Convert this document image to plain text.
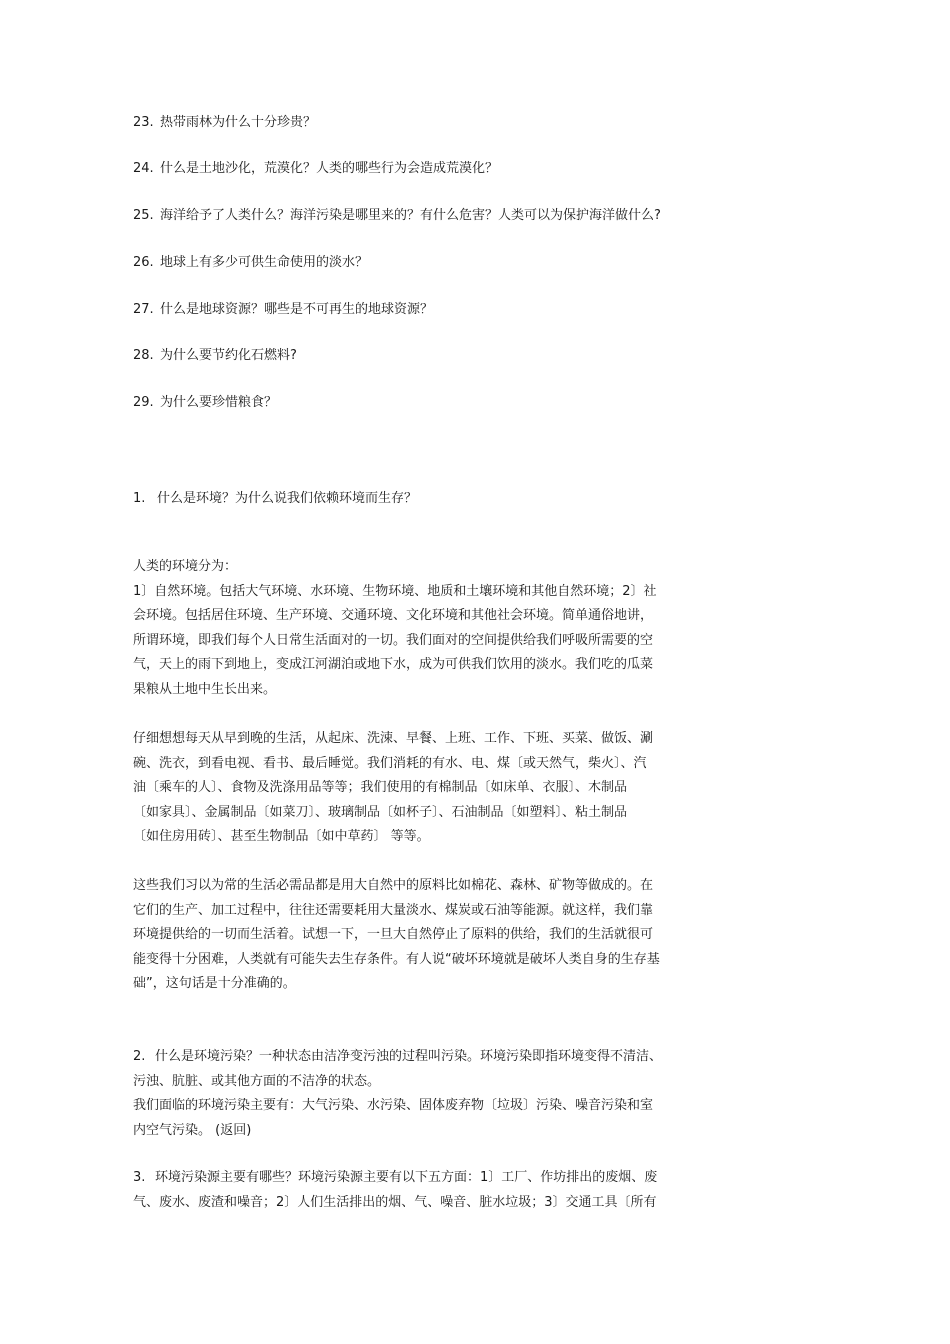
23. 热带雨林为什么十分珍贵？
24. 什么是土地沙化，荒漠化？人类的哪些行为会造成荒漠化？
25. 海洋给予了人类什么？海洋污染是哪里来的？有什么危害？人类可以为保护海洋做什么?
26. 地球上有多少可供生命使用的淡水？
27. 什么是地球资源？哪些是不可再生的地球资源？
28. 为什么要节约化石燃料?
29. 为什么要珍惜粮食？
1. 什么是环境？为什么说我们依赖环境而生存？
人类的环境分为：
1〕自然环境。包括大气环境、水环境、生物环境、地质和土壤环境和其他自然环境；2〕社
会环境。包括居住环境、生产环境、交通环境、文化环境和其他社会环境。简单通俗地讲，
所谓环境，即我们每个人日常生活面对的一切。我们面对的空间提供给我们呼吸所需要的空
气，天上的雨下到地上，变成江河湖泊或地下水，成为可供我们饮用的淡水。我们吃的瓜菜
果粮从土地中生长出来。
仔细想想每天从早到晚的生活，从起床、洗涑、早餐、上班、工作、下班、买菜、做饭、涮
碗、洗衣，到看电视、看书、最后睡觉。我们消耗的有水、电、煤〔或天然气，柴火〕、汽
油〔乘车的人〕、食物及洗涤用品等等；我们使用的有棉制品〔如床单、衣服〕、木制品
〔如家具〕、金属制品〔如菜刀〕、玻璃制品〔如杯子〕、石油制品〔如塑料〕、粘土制品
〔如住房用砖〕、甚至生物制品〔如中草药〕 等等。
这些我们习以为常的生活必需品都是用大自然中的原料比如棉花、森林、矿物等做成的。在
它们的生产、加工过程中，往往还需要耗用大量淡水、煤炭或石油等能源。就这样，我们靠
环境提供给的一切而生活着。试想一下，一旦大自然停止了原料的供给，我们的生活就很可
能变得十分困难，人类就有可能失去生存条件。有人说“破坏环境就是破坏人类自身的生存基
础”，这句话是十分准确的。
2. 什么是环境污染？一种状态由洁净变污浊的过程叫污染。环境污染即指环境变得不清洁、
污浊、肮脏、或其他方面的不洁净的状态。
我们面临的环境污染主要有：大气污染、水污染、固体废弃物〔垃圾〕污染、噪音污染和室
内空气污染。 (返回)
3. 环境污染源主要有哪些？环境污染源主要有以下五方面：1〕工厂、作坊排出的废烟、废
气、废水、废渣和噪音；2〕人们生活排出的烟、气、噪音、脏水垃圾；3〕交通工具〔所有
